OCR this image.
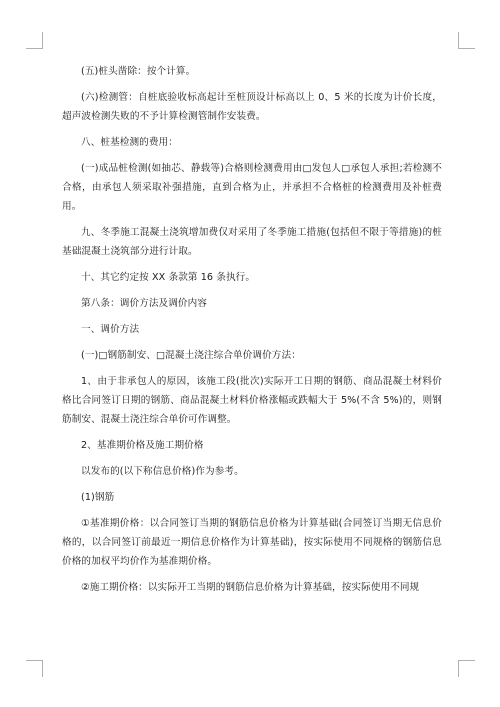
(五)桩头凿除：按个计算。

(六)检测管：自桩底验收标高起计至桩顶设计标高以上 0、5 米的长度为计价长度，超声波检测失败的不予计算检测管制作安装费。

八、桩基检测的费用：

(一)成品桩检测(如抽芯、静载等)合格则检测费用由□发包人□承包人承担;若检测不合格，由承包人须采取补强措施，直到合格为止，并承担不合格桩的检测费用及补桩费用。

九、冬季施工混凝土浇筑增加费仅对采用了冬季施工措施(包括但不限于等措施)的桩基础混凝土浇筑部分进行计取。

十、其它约定按 XX 条款第 16 条执行。

第八条：调价方法及调价内容

一、调价方法

(一)□钢筋制安、□混凝土浇注综合单价调价方法：

1、由于非承包人的原因，该施工段(批次)实际开工日期的钢筋、商品混凝土材料价格比合同签订日期的钢筋、商品混凝土材料价格涨幅或跌幅大于 5%(不含 5%)的，则钢筋制安、混凝土浇注综合单价可作调整。

2、基准期价格及施工期价格

以发布的(以下称信息价格)作为参考。

(1)钢筋

①基准期价格：以合同签订当期的钢筋信息价格为计算基础(合同签订当期无信息价格的，以合同签订前最近一期信息价格作为计算基础)，按实际使用不同规格的钢筋信息价格的加权平均价作为基准期价格。

②施工期价格：以实际开工当期的钢筋信息价格为计算基础，按实际使用不同规
